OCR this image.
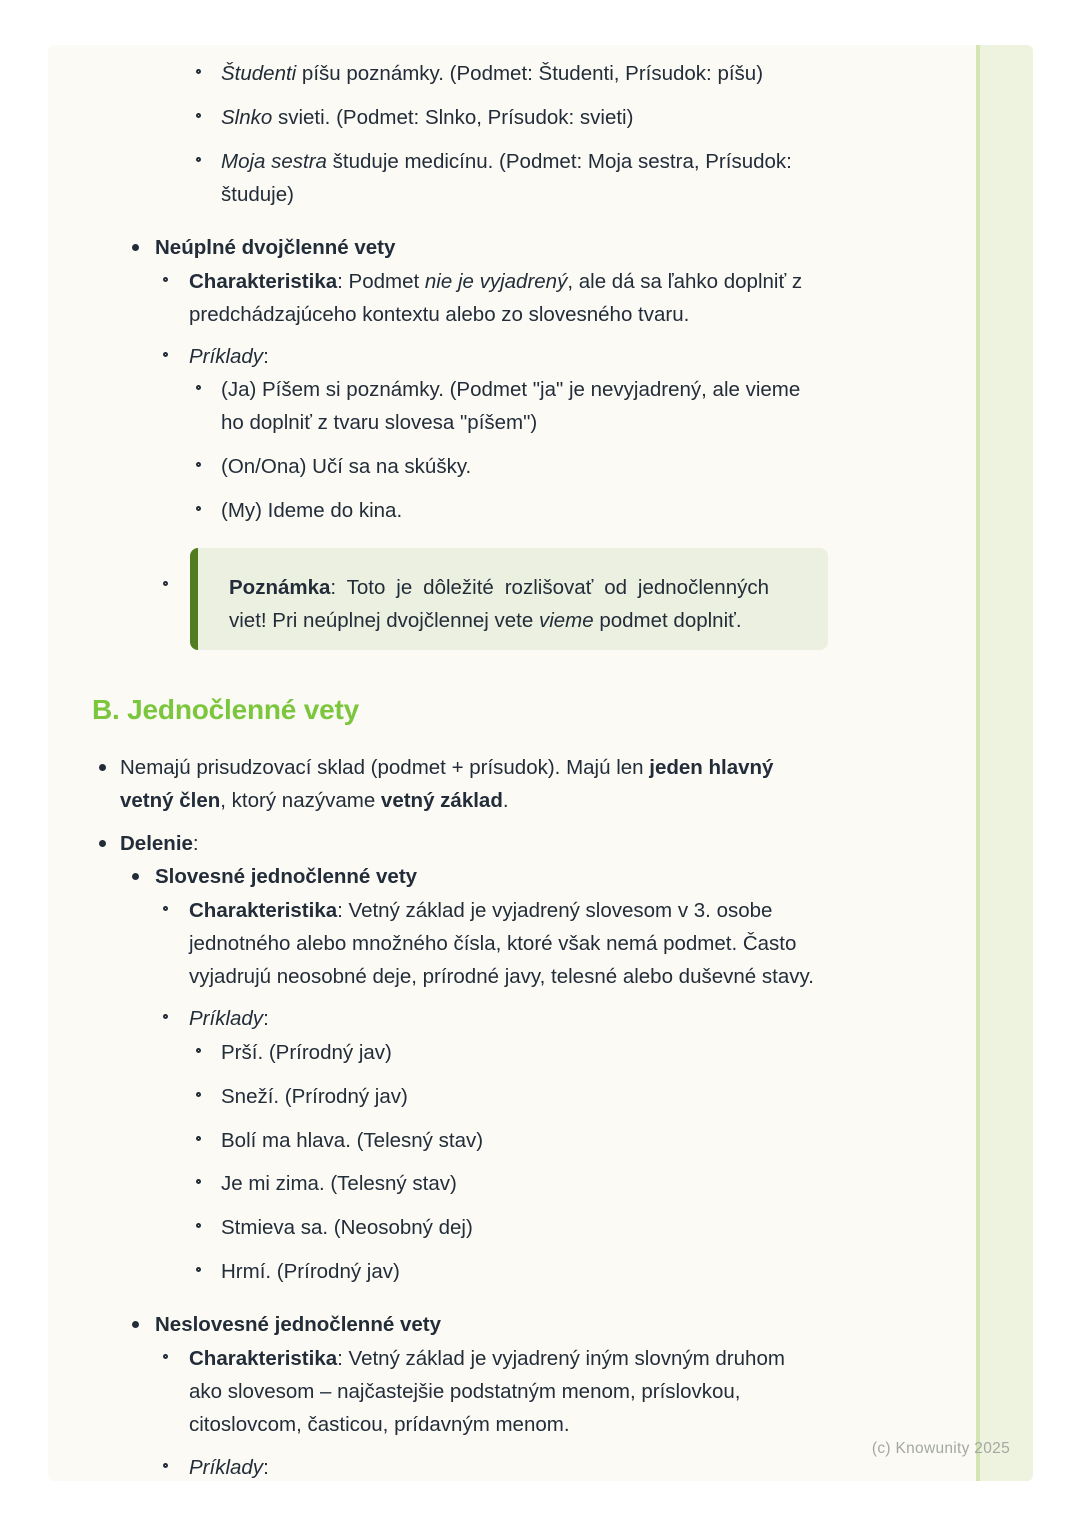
Študenti píšu poznámky. (Podmet: Študenti, Prísudok: píšu)

Slnko svieti. (Podmet: Slnko, Prísudok: svieti)

Moja sestra študuje medicínu. (Podmet: Moja sestra, Prísudok:
študuje)

Neúplné dvojčlenné vety

Charakteristika: Podmet nie je vyjadrený, ale dá sa ľahko doplniť z
predchádzajúceho kontextu alebo zo slovesného tvaru.

Príklady:

(Ja) Píšem si poznámky. (Podmet "ja" je nevyjadrený, ale vieme
ho doplniť z tvaru slovesa "píšem")

(On/Ona) Učí sa na skúšky.

(My) Ideme do kina.

Poznámka: Toto je dôležité rozlišovať od jednočlenných viet! Pri neúplnej dvojčlennej vete vieme podmet doplniť.

B. Jednočlenné vety

Nemajú prisudzovací sklad (podmet + prísudok). Majú len jeden hlavný
vetný člen, ktorý nazývame vetný základ.

Delenie:

Slovesné jednočlenné vety

Charakteristika: Vetný základ je vyjadrený slovesom v 3. osobe
jednotného alebo množného čísla, ktoré však nemá podmet. Často
vyjadrujú neosobné deje, prírodné javy, telesné alebo duševné stavy.

Príklady:

Prší. (Prírodný jav)

Sneží. (Prírodný jav)

Bolí ma hlava. (Telesný stav)

Je mi zima. (Telesný stav)

Stmieva sa. (Neosobný dej)

Hrmí. (Prírodný jav)

Neslovesné jednočlenné vety

Charakteristika: Vetný základ je vyjadrený iným slovným druhom
ako slovesom – najčastejšie podstatným menom, príslovkou,
citoslovcom, časticou, prídavným menom.

Príklady:

(c) Knowunity 2025
